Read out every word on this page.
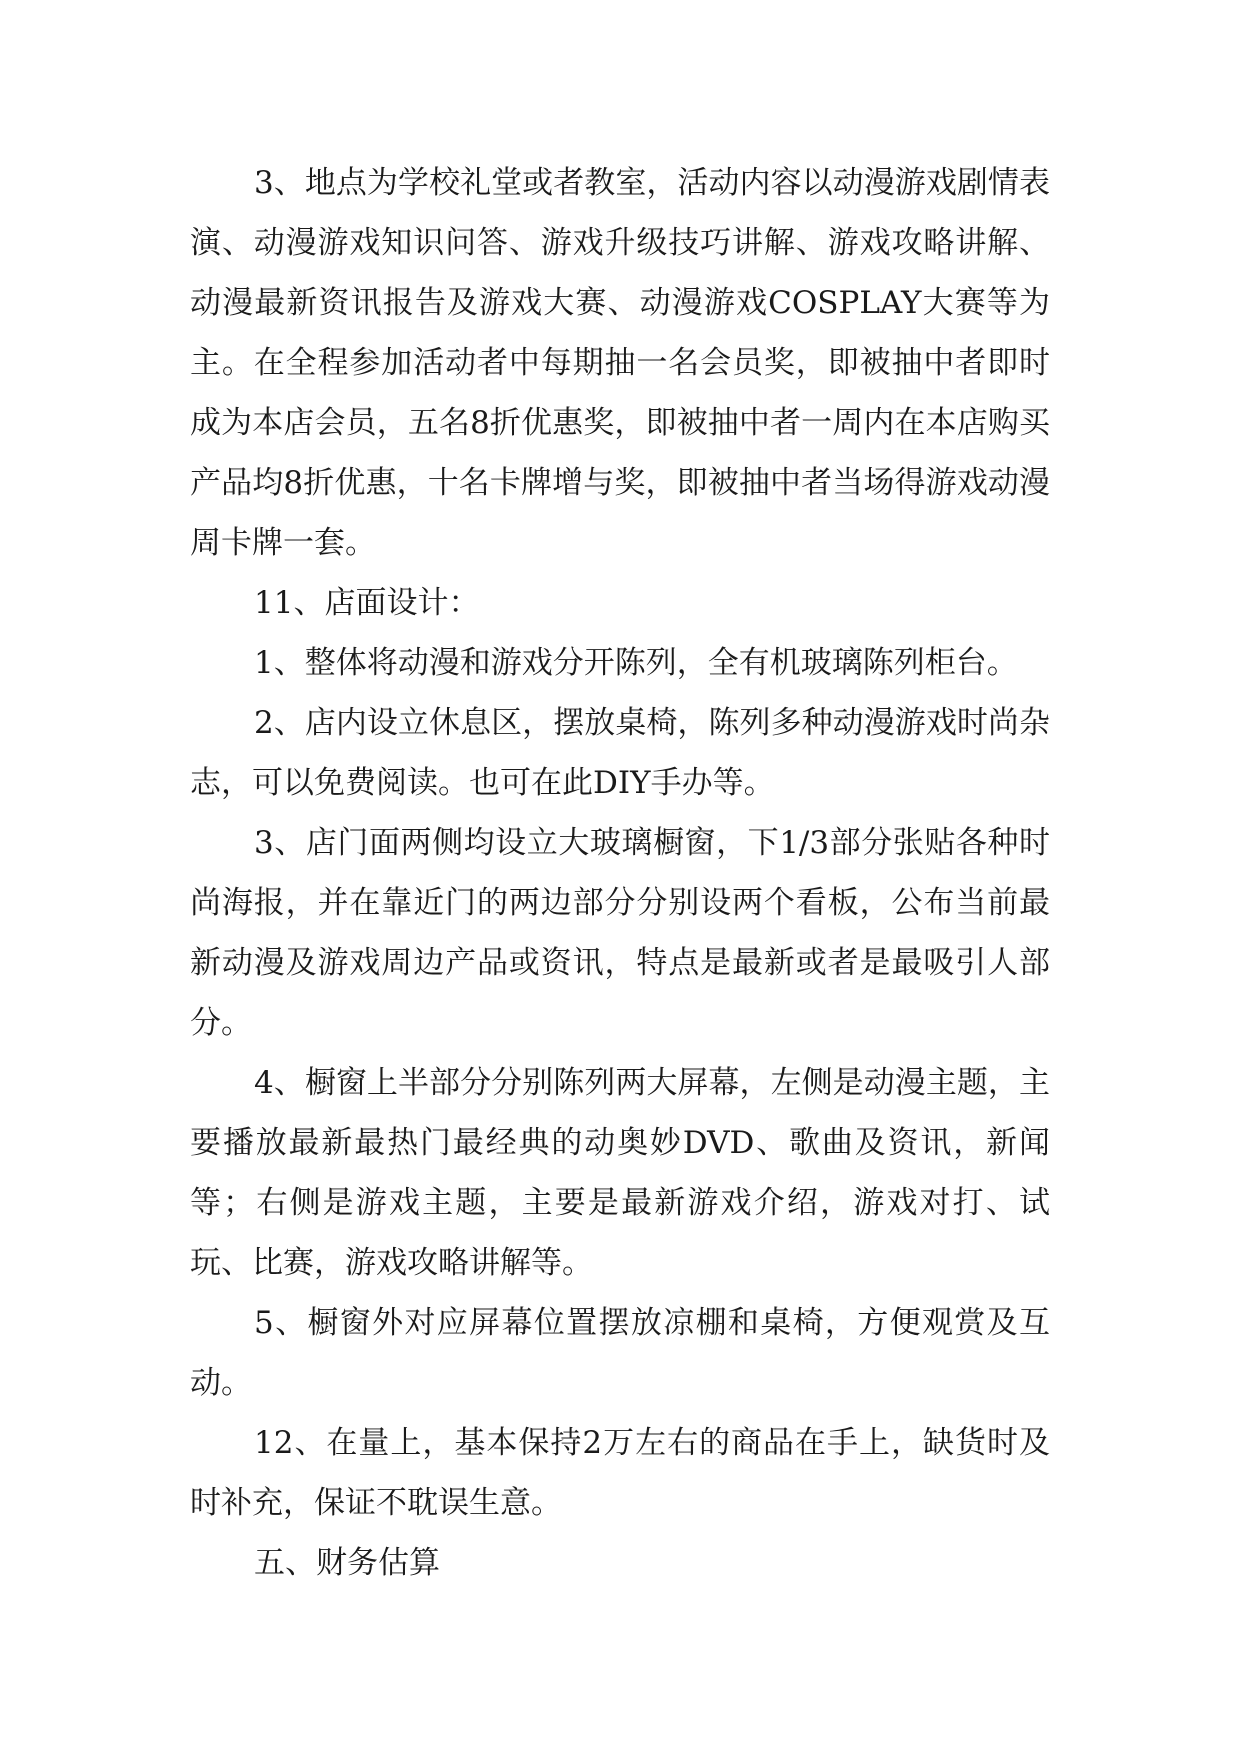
3、地点为学校礼堂或者教室，活动内容以动漫游戏剧情表演、动漫游戏知识问答、游戏升级技巧讲解、游戏攻略讲解、动漫最新资讯报告及游戏大赛、动漫游戏COSPLAY大赛等为主。在全程参加活动者中每期抽一名会员奖，即被抽中者即时成为本店会员，五名8折优惠奖，即被抽中者一周内在本店购买产品均8折优惠，十名卡牌增与奖，即被抽中者当场得游戏动漫周卡牌一套。

11、店面设计：

1、整体将动漫和游戏分开陈列，全有机玻璃陈列柜台。

2、店内设立休息区，摆放桌椅，陈列多种动漫游戏时尚杂志，可以免费阅读。也可在此DIY手办等。

3、店门面两侧均设立大玻璃橱窗，下1/3部分张贴各种时尚海报，并在靠近门的两边部分分别设两个看板，公布当前最新动漫及游戏周边产品或资讯，特点是最新或者是最吸引人部分。

4、橱窗上半部分分别陈列两大屏幕，左侧是动漫主题，主要播放最新最热门最经典的动奥妙DVD、歌曲及资讯，新闻等；右侧是游戏主题，主要是最新游戏介绍，游戏对打、试玩、比赛，游戏攻略讲解等。

5、橱窗外对应屏幕位置摆放凉棚和桌椅，方便观赏及互动。

12、在量上，基本保持2万左右的商品在手上，缺货时及时补充，保证不耽误生意。

五、财务估算
